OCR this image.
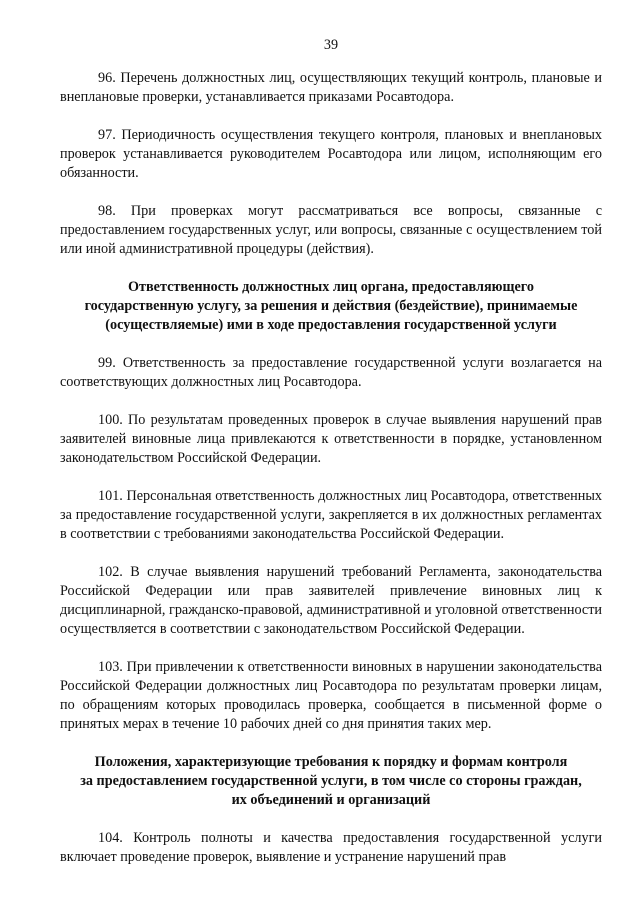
39

96. Перечень должностных лиц, осуществляющих текущий контроль, плановые и внеплановые проверки, устанавливается приказами Росавтодора.

97. Периодичность осуществления текущего контроля, плановых и внеплановых проверок устанавливается руководителем Росавтодора или лицом, исполняющим его обязанности.

98. При проверках могут рассматриваться все вопросы, связанные с предоставлением государственных услуг, или вопросы, связанные с осуществлением той или иной административной процедуры (действия).

Ответственность должностных лиц органа, предоставляющего
государственную услугу, за решения и действия (бездействие), принимаемые
(осуществляемые) ими в ходе предоставления государственной услуги

99. Ответственность за предоставление государственной услуги возлагается на соответствующих должностных лиц Росавтодора.

100. По результатам проведенных проверок в случае выявления нарушений прав заявителей виновные лица привлекаются к ответственности в порядке, установленном законодательством Российской Федерации.

101. Персональная ответственность должностных лиц Росавтодора, ответственных за предоставление государственной услуги, закрепляется в их должностных регламентах в соответствии с требованиями законодательства Российской Федерации.

102. В случае выявления нарушений требований Регламента, законодательства Российской Федерации или прав заявителей привлечение виновных лиц к дисциплинарной, гражданско-правовой, административной и уголовной ответственности осуществляется в соответствии с законодательством Российской Федерации.

103. При привлечении к ответственности виновных в нарушении законодательства Российской Федерации должностных лиц Росавтодора по результатам проверки лицам, по обращениям которых проводилась проверка, сообщается в письменной форме о принятых мерах в течение 10 рабочих дней со дня принятия таких мер.

Положения, характеризующие требования к порядку и формам контроля
за предоставлением государственной услуги, в том числе со стороны граждан,
их объединений и организаций

104. Контроль полноты и качества предоставления государственной услуги включает проведение проверок, выявление и устранение нарушений прав
